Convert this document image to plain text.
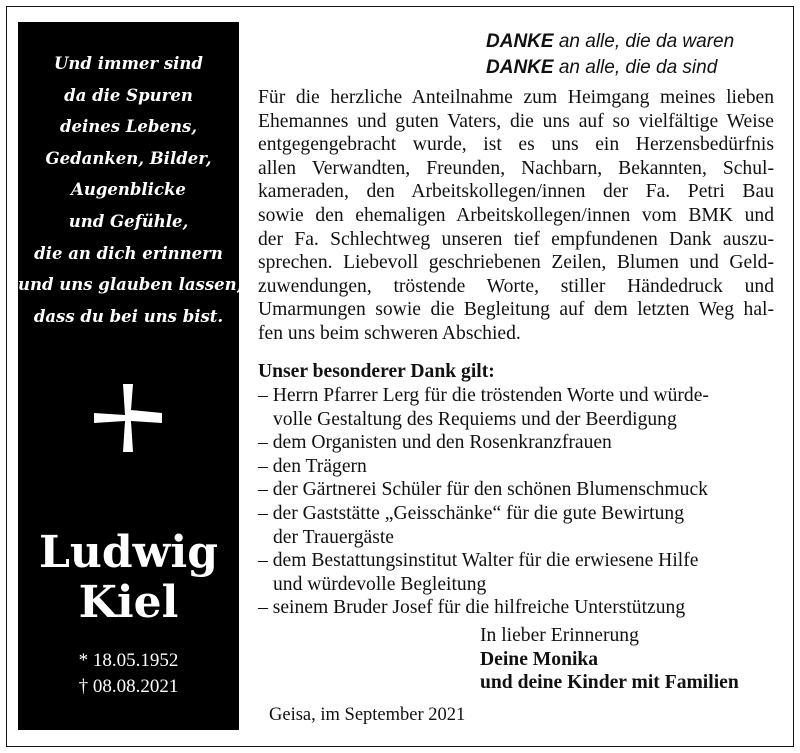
Und immer sind
da die Spuren
deines Lebens,
Gedanken, Bilder,
Augenblicke
und Gefühle,
die an dich erinnern
und uns glauben lassen,
dass du bei uns bist.
Ludwig
Kiel
* 18.05.1952
† 08.08.2021
DANKE an alle, die da waren
DANKE an alle, die da sind
Für die herzliche Anteilnahme zum Heimgang meines lieben
Ehemannes und guten Vaters, die uns auf so vielfältige Weise
entgegengebracht wurde, ist es uns ein Herzensbedürfnis
allen Verwandten, Freunden, Nachbarn, Bekannten, Schul-
kameraden, den Arbeitskollegen/innen der Fa. Petri Bau
sowie den ehemaligen Arbeitskollegen/innen vom BMK und
der Fa. Schlechtweg unseren tief empfundenen Dank auszu-
sprechen. Liebevoll geschriebenen Zeilen, Blumen und Geld-
zuwendungen, tröstende Worte, stiller Händedruck und
Umarmungen sowie die Begleitung auf dem letzten Weg hal-
fen uns beim schweren Abschied.
Unser besonderer Dank gilt:
– Herrn Pfarrer Lerg für die tröstenden Worte und würde-
vollе Gestaltung des Requiems und der Beerdigung
– dem Organisten und den Rosenkranzfrauen
– den Trägern
– der Gärtnerei Schüler für den schönen Blumenschmuck
– der Gaststätte „Geisschänke“ für die gute Bewirtung
der Trauergäste
– dem Bestattungsinstitut Walter für die erwiesene Hilfe
und würdevolle Begleitung
– seinem Bruder Josef für die hilfreiche Unterstützung
In lieber Erinnerung
Deine Monika
und deine Kinder mit Familien
Geisa, im September 2021
